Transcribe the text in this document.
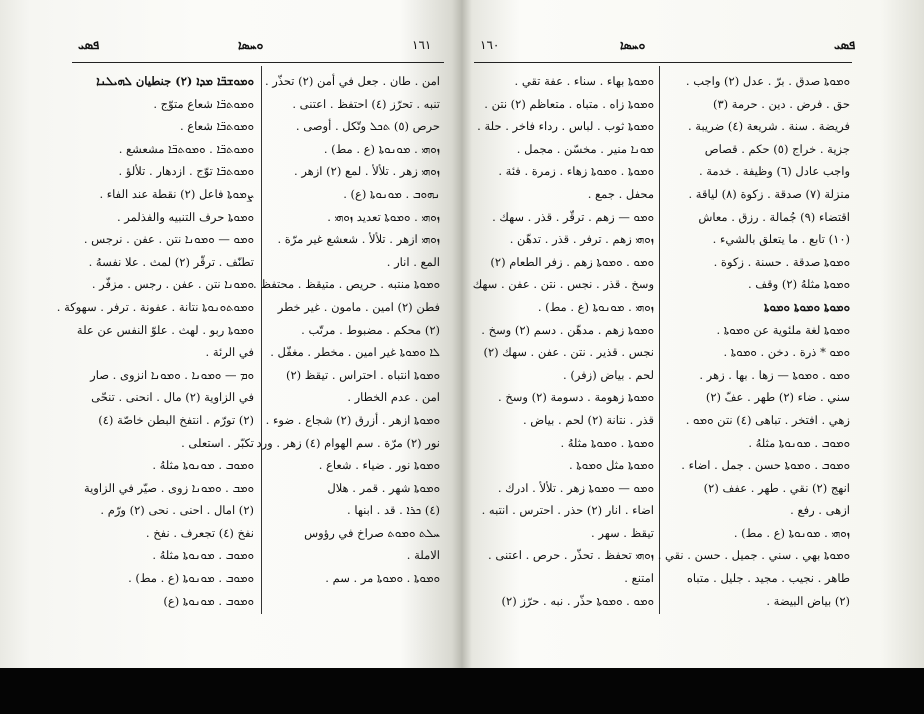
ܦܣܝ	ܘܚܣܐ	١٦١
ܘܡܘܫܒ̈ܐ ܡܕܐ (٢) جنطيان ܠܗܝܠܢܐ
ܘܡܘܬܒ̈ܐ شعاع متوّج .
ܘܡܘܬܒ̈ܐ شعاع .
ܘܡܘܬܒ̈ܐ . ܘܡܘܬܒ̈ܐ مشعشع .
ܘܡܘܬܒ̈ܐ توّج . ازدهار . تلألؤ .
ܨܡܘܬܐ فاعل (٢) نقطة عند الفاء .
ܘܡܘܬܐ حرف التنبيه والفذلمر .
ܘܡܘ — ܘܡܘܢܐ نتن . عفن . نرجس .
تطنّف . ترقّر (٢) لمث . علا نفسهُ .
ܘܡܘܢܐ نتن . عفن . رجس . مزفّر .
ܘܡܘܬܘܢܘܬܐ نتانة . عفونة . ترفر . سهوكة .
ܘܡܘܬܐ ربو . لهث . علوّ النفس عن علة
في الرئة .
ܘܡ — ܘܡܘܢܐ . ܘܡܘܢܐ انزوى . صار
في الزاوية (٢) مال . انحنى . تنحّى
(٢) تورّم . انتفخ البطن خاصّة (٤)
تكبّر . استعلى .
ܘܡܘܒ . ܡܘܢܘܬܐ مثلهُ .
ܘܡܒ . ܘܡܘܢܐ زوى . صيّر في الزاوية
(٢) امال . احنى . نحى (٢) ورّم .
نفخ (٤) تجعرف . نفخ .
ܘܡܘܒ . ܡܘܢܘܬܐ مثلهُ .
ܘܡܘܒ . ܡܘܢܘܬܐ (ع . مط) .
ܘܡܘܒ . ܡܘܢܘܬܐ (ع)
امن . طان . جعل في أمن (٢) تحذّر .
تنبه . تحرّز (٤) احتفظ . اعتنى .
حرص (٥) ܬܟܠ وتّكل . أوصى .
ܙܘܗܝ . ܡܘܢܘܬܐ (ع . مط) .
ܙܘܗܝ زهر . تلألأ . لمع (٢) ازهر .
ܢܗܘܒ . ܡܘܢܘܬܐ (ع) .
ܙܘܗܝ . ܘܡܘܬܐ تعديد ܙܘܗܝ .
ܙܘܗܝ ازهر . تلألأ . شعشع غير مرّة .
المع . انار .
ܘܡܘܬܐ منتبه . حريص . متيقظ . محتفظ .
فطن (٢) امين . مامون . غير خطر
(٢) محكم . مضبوط . مرتّب .
ܠܐ ܘܡܘܬܐ غير امين . مخطر . مغفّل .
ܘܡܘܬܐ انتباه . احتراس . تيقظ (٢)
امن . عدم الخطار .
ܘܡܘܬܐ ازهر . أزرق (٢) شجاع . ضوء .
نور (٢) مرّة . سم الهوام (٤) زهر . ورد .
ܘܡܘܬܐ نور . ضياء . شعاع .
ܘܡܘܬܐ شهر . قمر . هلال
(٤) ܟܪܐ . قد . ابنها .
ܚܠܬ ܘܡܘܬ صراخ في رؤوس
الاملة .
ܘܡܘܬܐ . ܘܡܘܬܐ مر . سم .
١٦٠	ܘܚܣܐ	ܦܣܝ
ܘܡܘܬܐ بهاء . سناء . عفة تقي .
ܘܡܘܬܐ زاه . متباه . متعاظم (٢) نتن .
ܘܡܘܬܐ ثوب . لباس . رداء فاخر . حلة .
ܡܘܢܐ منير . مخسّن . مجمل .
ܘܡܘܬܐ . ܘܡܘܬܐ زهاء . زمرة . فئة .
محفل . جمع .
ܘܡܘ — زهم . ترقّر . قذر . سهك .
ܙܘܗܝ زهم . ترفر . قذر . تدهّن .
ܘܡܘ . ܘܡܘܬܐ زهم . زفر الطعام (٢)
وسخ . قذر . نجس . نتن . عفن . سهك
ܙܘܗܝ . ܡܘܢܘܬܐ (ع . مط) .
ܘܡܘܬܐ زهم . مدهّن . دسم (٢) وسخ .
نجس . قذير . نتن . عفن . سهك (٢)
لحم . بياض (زفر) .
ܘܡܘܬܐ زهومة . دسومة (٢) وسخ .
قذر . نتانة (٢) لحم . بياض .
ܘܡܘܬܐ . ܘܡܘܬܐ مثلهُ .
ܘܡܘܬܐ مثل ܘܡܘܬܐ .
ܘܡܘ — ܘܡܘܬܐ زهر . تلألأ . ادرك .
اضاء . انار (٢) حذر . احترس . انتبه .
تيقظ . سهر .
ܙܘܗܝ تحفظ . تحذّر . حرص . اعتنى .
امتنع .
ܘܡܘ . ܘܡܘܬܐ حذّر . نبه . حرّز (٢)
ܘܡܘܬܐ صدق . برّ . عدل (٢) واجب .
حق . فرض . دين . حرمة (٣)
فريضة . سنة . شريعة (٤) ضريبة .
جزية . خراج (٥) حكم . قصاص
واجب عادل (٦) وظيفة . خدمة .
منزلة (٧) صدقة . زكوة (٨) لياقة .
اقتضاء (٩) جُمالة . رزق . معاش
(١٠) تابع . ما يتعلق بالشيء .
ܘܡܘܬܐ صدقة . حسنة . زكوة .
ܘܡܘܬܐ مثلهُ (٢) وقف .
ܘܡܘܬܐ ܘܡܘܬܐ ܘܡܘܬܐ
ܘܡܘܬܐ لغة ملئوية عن ܘܡܘܬܐ .
ܘܡܘ * ذرة . دخن . ܘܡܘܬܐ .
ܘܡܘ . ܘܡܘܬܐ — زها . بها . زهر .
سني . ضاء (٢) طهر . عفّ (٢)
زهي . افتخر . تباهى (٤) نتن ܘܡܘ .
ܘܡܘܒ . ܡܘܢܘܬܐ مثلهُ .
ܘܡܘܒ . ܘܡܘܬܐ حسن . جمل . اضاء .
انهج (٢) نقي . طهر . عفف (٢)
ازهى . رفع .
ܙܘܗܝ . ܡܘܢܘܬܐ (ع . مط) .
ܘܡܘܬܐ بهي . سني . جميل . حسن . نقي .
طاهر . نجيب . مجيد . جليل . متباه
(٢) بياض البيضة .
